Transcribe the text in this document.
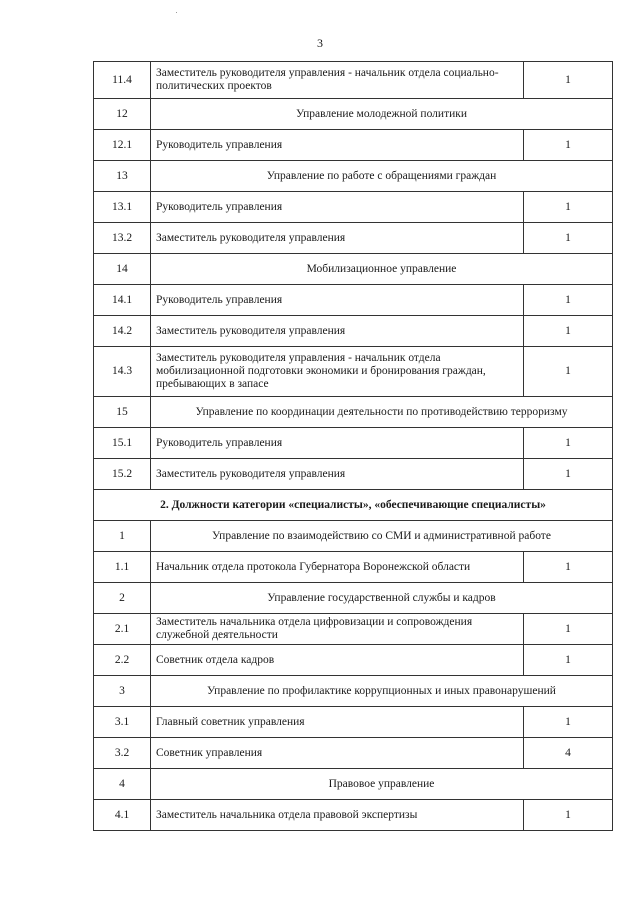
3
11.4	Заместитель руководителя управления - начальник отдела социально-политических проектов	1
12	Управление молодежной политики	
12.1	Руководитель управления	1
13	Управление по работе с обращениями граждан	
13.1	Руководитель управления	1
13.2	Заместитель руководителя управления	1
14	Мобилизационное управление	
14.1	Руководитель управления	1
14.2	Заместитель руководителя управления	1
14.3	Заместитель руководителя управления - начальник отдела мобилизационной подготовки экономики и бронирования граждан, пребывающих в запасе	1
15	Управление по координации деятельности по противодействию терроризму	
15.1	Руководитель управления	1
15.2	Заместитель руководителя управления	1
2. Должности категории «специалисты», «обеспечивающие специалисты»		
1	Управление по взаимодействию со СМИ и административной работе	
1.1	Начальник отдела протокола Губернатора Воронежской области	1
2	Управление государственной службы и кадров	
2.1	Заместитель начальника отдела цифровизации и сопровождения служебной деятельности	1
2.2	Советник отдела кадров	1
3	Управление по профилактике коррупционных и иных правонарушений	
3.1	Главный советник управления	1
3.2	Советник управления	4
4	Правовое управление	
4.1	Заместитель начальника отдела правовой экспертизы	1
